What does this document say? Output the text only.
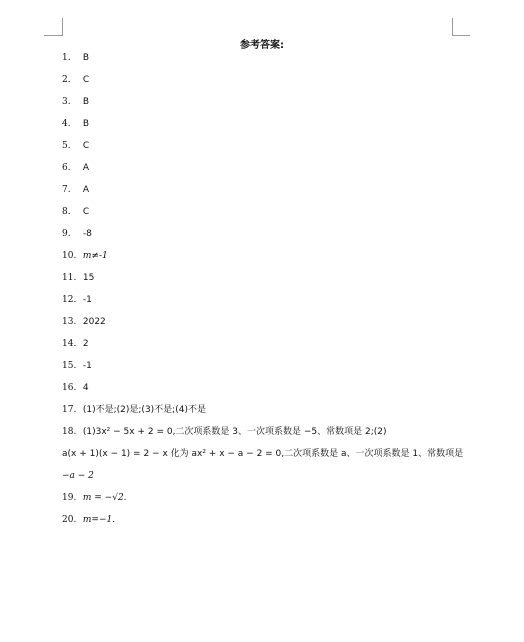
参考答案:
1. B
2. C
3. B
4. B
5. C
6. A
7. A
8. C
9. -8
10. m≠-1
11. 15
12. -1
13. 2022
14. 2
15. -1
16. 4
17. (1)不是;(2)是;(3)不是;(4)不是
18. (1)3x² − 5x + 2 = 0,二次项系数是 3、一次项系数是 −5、常数项是 2;(2)
a(x + 1)(x − 1) = 2 − x 化为 ax² + x − a − 2 = 0,二次项系数是 a、一次项系数是 1、常数项是
−a − 2
19. m = −√2.
20. m=−1.
